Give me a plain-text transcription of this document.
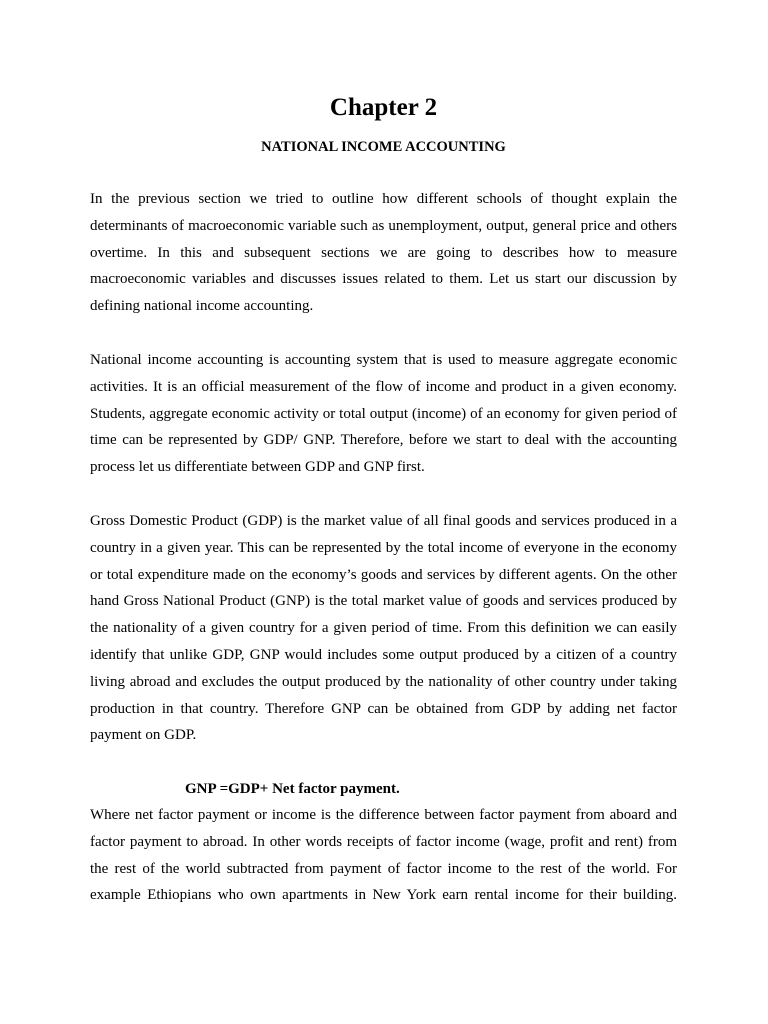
Chapter 2
NATIONAL INCOME ACCOUNTING
In the previous section we tried to outline how different schools of thought explain the
determinants of macroeconomic variable such as unemployment, output, general price and others
overtime. In this and subsequent sections we are going to describes how to measure
macroeconomic variables and discusses issues related to them. Let us start our discussion by
defining national income accounting.
National income accounting is accounting system that is used to measure aggregate economic
activities. It is an official measurement of the flow of income and product in a given economy.
Students, aggregate economic activity or total output (income) of an economy for given period of
time can be represented by GDP/ GNP. Therefore, before we start to deal with the accounting
process let us differentiate between GDP and GNP first.
Gross Domestic Product (GDP) is the market value of all final goods and services produced in a
country in a given year. This can be represented by the total income of everyone in the economy
or total expenditure made on the economy’s goods and services by different agents. On the other
hand Gross National Product (GNP) is the total market value of goods and services produced by
the nationality of a given country for a given period of time. From this definition we can easily
identify that unlike GDP, GNP would includes some output produced by a citizen of a country
living abroad and excludes the output produced by the nationality of other country under taking
production in that country. Therefore GNP can be obtained from GDP by adding net factor
payment on GDP.

GNP =GDP+ Net factor payment.

Where net factor payment or income is the difference between factor payment from aboard and
factor payment to abroad. In other words receipts of factor income (wage, profit and rent) from
the rest of the world subtracted from payment of factor income to the rest of the world. For
example Ethiopians who own apartments in New York earn rental income for their building.
